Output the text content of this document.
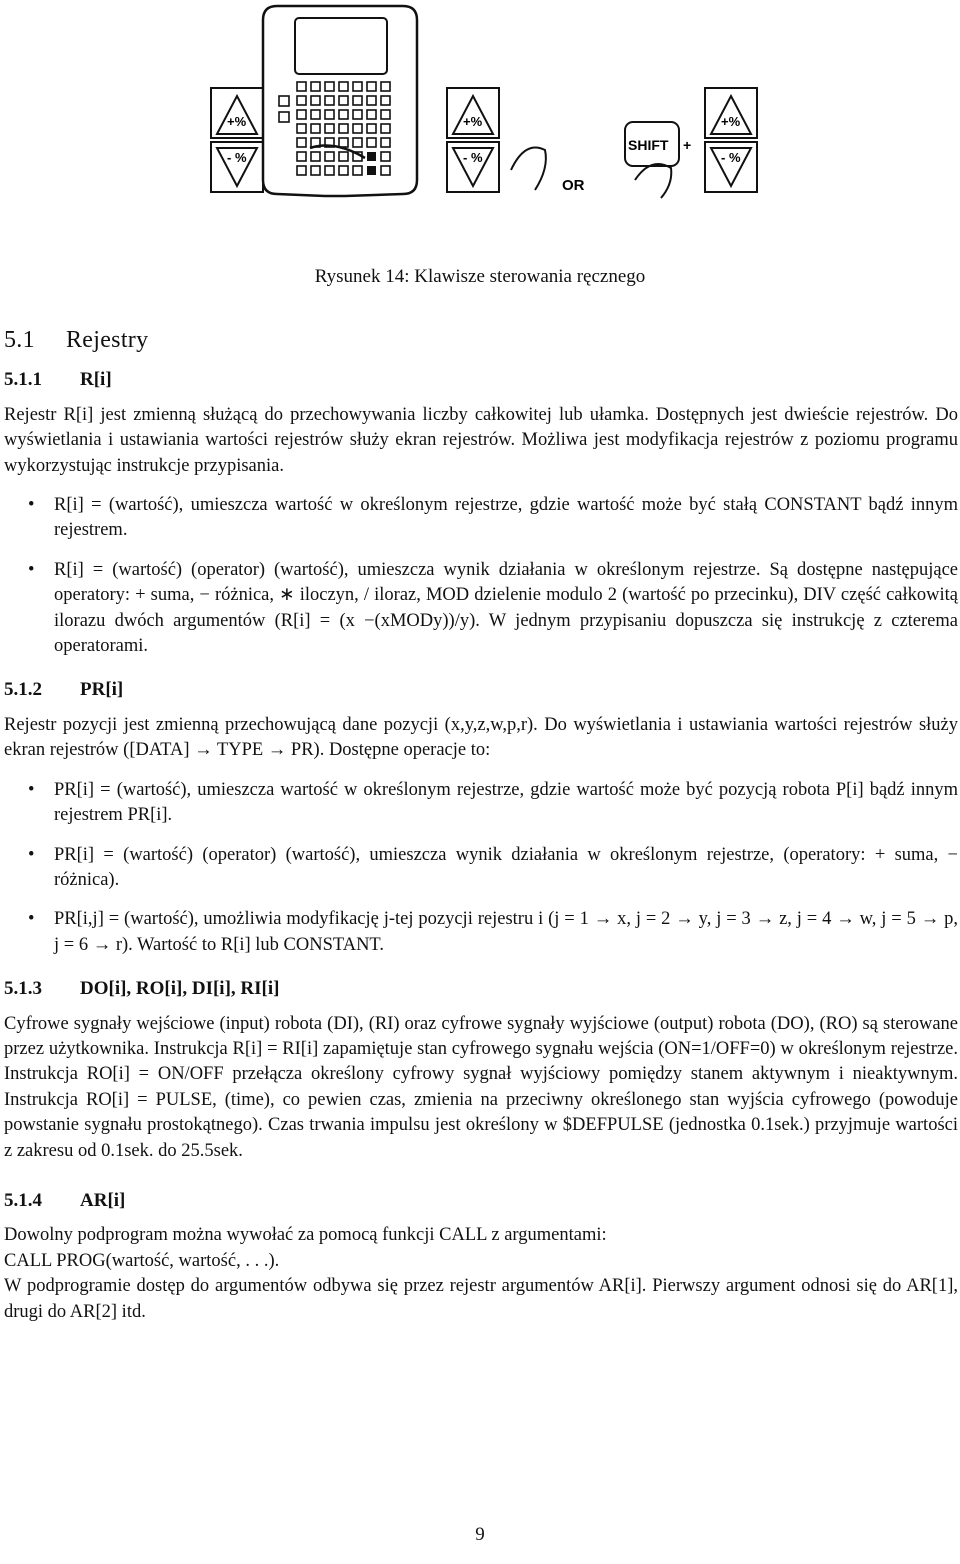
+%
- %
+%
- %
OR
SHIFT +
+%
- %
Rysunek 14: Klawisze sterowania ręcznego
5.1 Rejestry
5.1.1 R[i]

Rejestr R[i] jest zmienną służącą do przechowywania liczby całkowitej lub ułamka. Dostępnych jest dwieście rejestrów. Do wyświetlania i ustawiania wartości rejestrów służy ekran rejestrów. Możliwa jest modyfikacja rejestrów z poziomu programu wykorzystując instrukcje przypisania.

• R[i] = (wartość), umieszcza wartość w określonym rejestrze, gdzie wartość może być stałą CONSTANT bądź innym rejestrem.
• R[i] = (wartość) (operator) (wartość), umieszcza wynik działania w określonym rejestrze. Są dostępne następujące operatory: + suma, − różnica, ∗ iloczyn, / iloraz, MOD dzielenie modulo 2 (wartość po przecinku), DIV część całkowitą ilorazu dwóch argumentów (R[i] = (x −(xMODy))/y). W jednym przypisaniu dopuszcza się instrukcję z czterema operatorami.
5.1.2 PR[i]

Rejestr pozycji jest zmienną przechowującą dane pozycji (x,y,z,w,p,r). Do wyświetlania i ustawiania wartości rejestrów służy ekran rejestrów ([DATA] → TYPE → PR). Dostępne operacje to:

• PR[i] = (wartość), umieszcza wartość w określonym rejestrze, gdzie wartość może być pozycją robota P[i] bądź innym rejestrem PR[i].
• PR[i] = (wartość) (operator) (wartość), umieszcza wynik działania w określonym rejestrze, (operatory: + suma, − różnica).
• PR[i,j] = (wartość), umożliwia modyfikację j-tej pozycji rejestru i (j = 1 → x, j = 2 → y, j = 3 → z, j = 4 → w, j = 5 → p, j = 6 → r). Wartość to R[i] lub CONSTANT.
5.1.3 DO[i], RO[i], DI[i], RI[i]

Cyfrowe sygnały wejściowe (input) robota (DI), (RI) oraz cyfrowe sygnały wyjściowe (output) robota (DO), (RO) są sterowane przez użytkownika. Instrukcja R[i] = RI[i] zapamiętuje stan cyfrowego sygnału wejścia (ON=1/OFF=0) w określonym rejestrze. Instrukcja RO[i] = ON/OFF przełącza określony cyfrowy sygnał wyjściowy pomiędzy stanem aktywnym i nieaktywnym. Instrukcja RO[i] = PULSE, (time), co pewien czas, zmienia na przeciwny określonego stan wyjścia cyfrowego (powoduje powstanie sygnału prostokątnego). Czas trwania impulsu jest określony w $DEFPULSE (jednostka 0.1sek.) przyjmuje wartości z zakresu od 0.1sek. do 25.5sek.

5.1.4 AR[i]

Dowolny podprogram można wywołać za pomocą funkcji CALL z argumentami:

CALL PROG(wartość, wartość, . . .).

W podprogramie dostęp do argumentów odbywa się przez rejestr argumentów AR[i]. Pierwszy argument odnosi się do AR[1], drugi do AR[2] itd.

9
